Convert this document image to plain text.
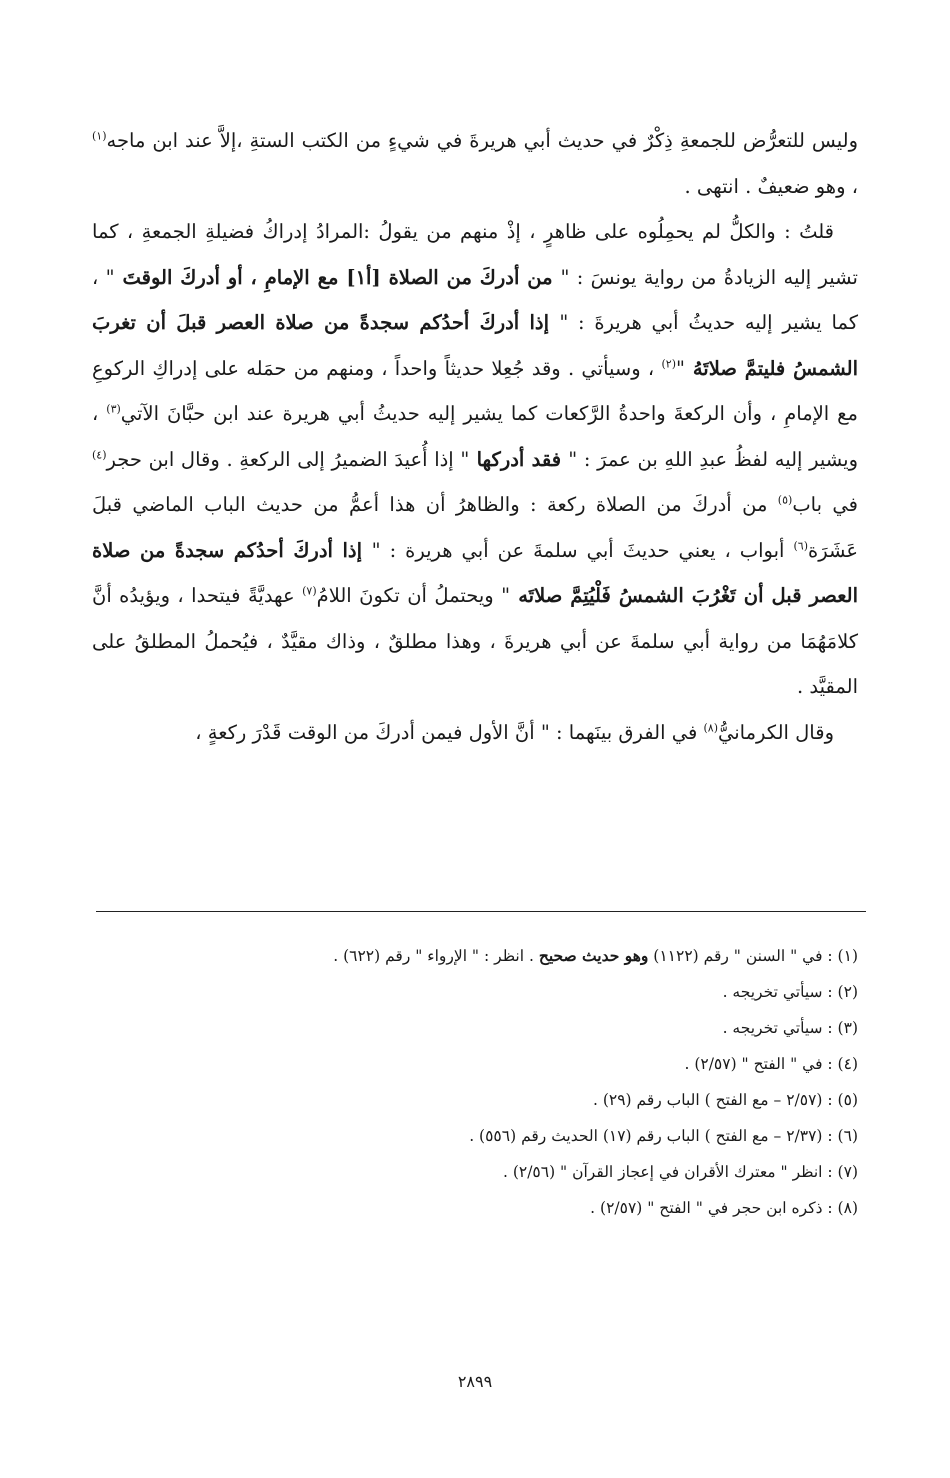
وليس للتعرُّض للجمعةِ ذِكْرٌ في حديث أبي هريرةَ في شيءٍ من الكتب الستةِ ،إلاَّ عند ابن ماجه$^{(١)}$ ، وهو ضعيفٌ . انتهى .

قلتُ : والكلُّ لم يحمِلُوه على ظاهرٍ ، إذْ منهم من يقولُ :المرادُ إدراكُ فضيلةِ الجمعةِ ، كما تشير إليه الزيادةُ من رواية يونسَ : " من أدركَ من الصلاة [أ١] مع الإمامِ ، أو أدركَ الوقتَ " ، كما يشير إليه حديثُ أبي هريرةَ : " إذا أدركَ أحدُكم سجدةً من صلاة العصر قبلَ أن تغربَ الشمسُ فليتمَّ صلاتَهُ "$^{(٢)}$ ، وسيأتي . وقد جُعِلا حديثاً واحداً ، ومنهم من حمَله على إدراكِ الركوعِ مع الإمامِ ، وأن الركعةَ واحدةُ الرَّكعات كما يشير إليه حديثُ أبي هريرة عند ابن حبَّانَ الآتي$^{(٣)}$ ، ويشير إليه لفظُ عبدِ اللهِ بن عمرَ : " فقد أدركها " إذا أُعيدَ الضميرُ إلى الركعةِ . وقال ابن حجر$^{(٤)}$ في باب$^{(٥)}$ من أدركَ من الصلاة ركعة : والظاهرُ أن هذا أعمُّ من حديث الباب الماضي قبلَ عَشَرَة$^{(٦)}$ أبواب ، يعني حديثَ أبي سلمةَ عن أبي هريرة : " إذا أدركَ أحدُكم سجدةً من صلاة العصر قبل أن تَغْرُبَ الشمسُ فَلْيُتِمَّ صلاتَه " ويحتملُ أن تكونَ اللامُ$^{(٧)}$ عهديَّةً فيتحدا ، ويؤيدُه أنَّ كلامَهُمَا من رواية أبي سلمةَ عن أبي هريرةَ ، وهذا مطلقٌ ، وذاك مقيَّدٌ ، فيُحملُ المطلقُ على المقيَّد .

وقال الكرمانيُّ$^{(٨)}$ في الفرق بينَهما : " أنَّ الأول فيمن أدركَ من الوقت قَدْرَ ركعةٍ ،

(١) : في " السنن " رقم (١١٢٢) وهو حديث صحيح . انظر : " الإرواء " رقم (٦٢٢) .

(٢) : سيأتي تخريجه .

(٣) : سيأتي تخريجه .

(٤) : في " الفتح " (٢/٥٧) .

(٥) : (٢/٥٧ – مع الفتح ) الباب رقم (٢٩) .

(٦) : (٢/٣٧ – مع الفتح ) الباب رقم (١٧) الحديث رقم (٥٥٦) .

(٧) : انظر " معترك الأقران في إعجاز القرآن " (٢/٥٦) .

(٨) : ذكره ابن حجر في " الفتح " (٢/٥٧) .

٢٨٩٩
